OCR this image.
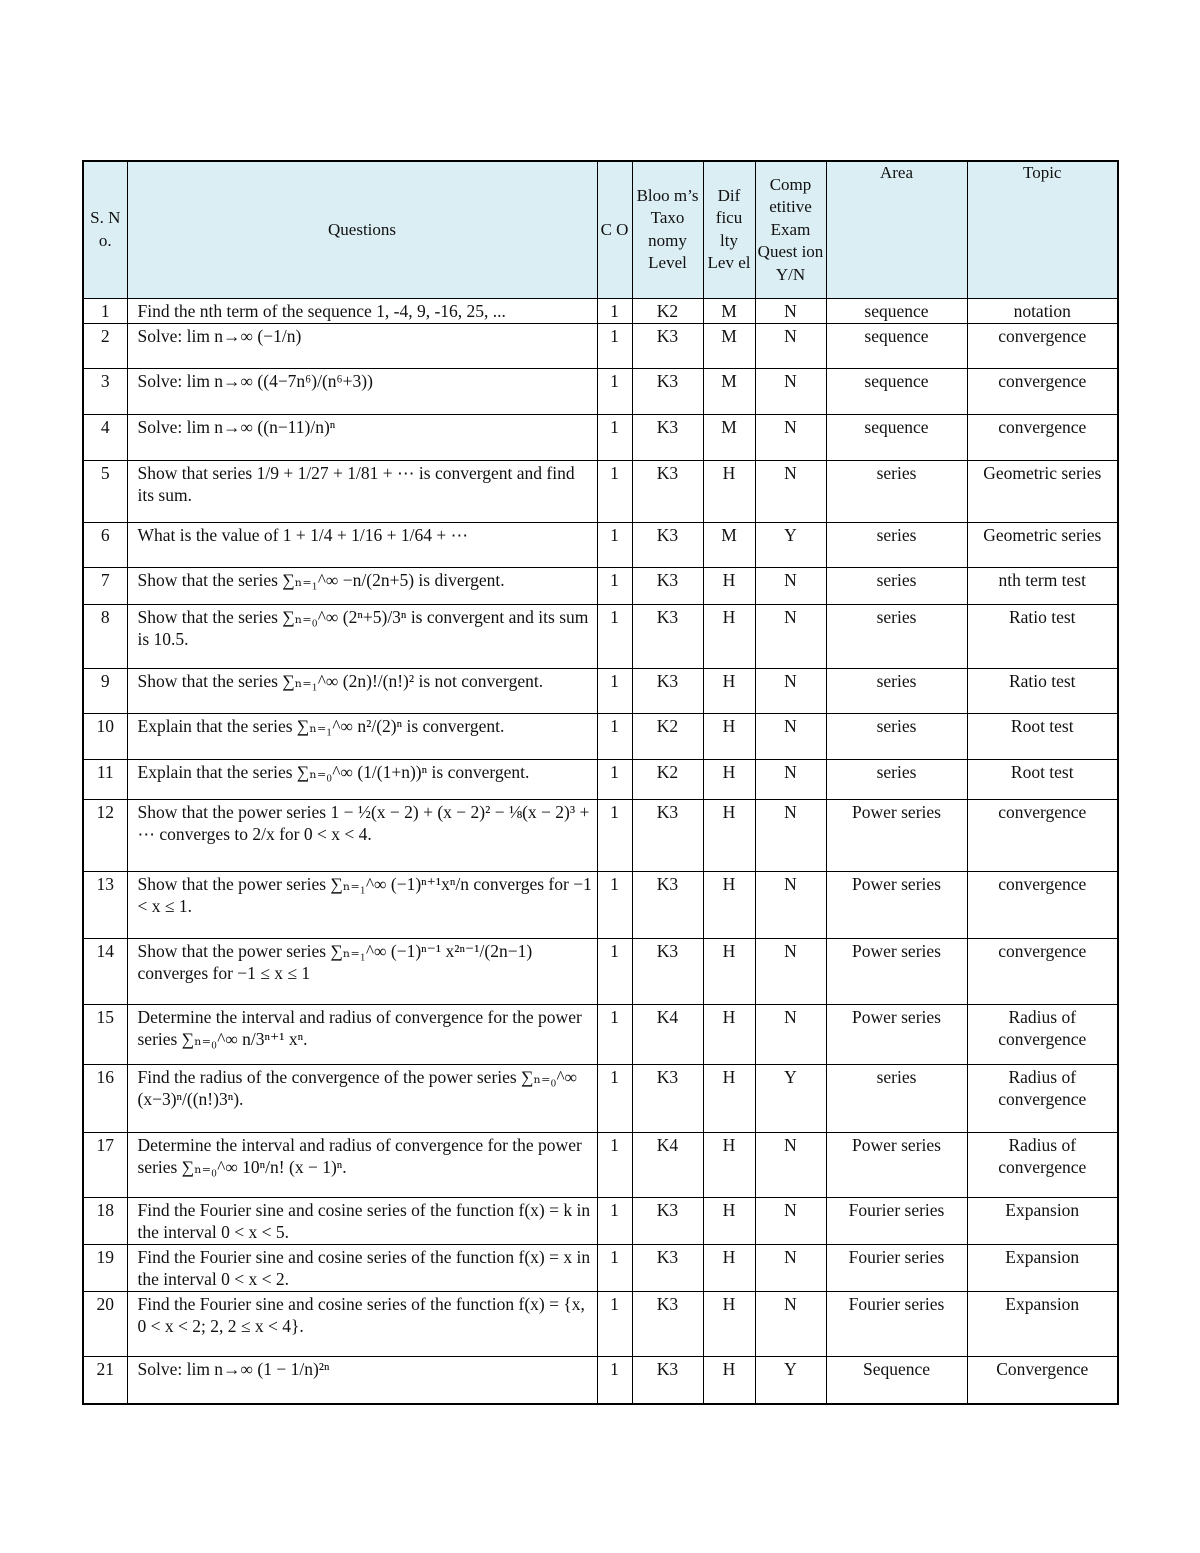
S. N o.	Questions	C O	Bloo m’s Taxo nomy Level	Dif ficu lty Lev el	Comp etitive Exam Quest ion Y/N	Area	Topic
1	Find the nth term of the sequence 1, -4, 9, -16, 25, ...	1	K2	M	N	sequence	notation
2	Solve: lim n→∞ (−1/n)	1	K3	M	N	sequence	convergence
3	Solve: lim n→∞ ((4−7n⁶)/(n⁶+3))	1	K3	M	N	sequence	convergence
4	Solve: lim n→∞ ((n−11)/n)ⁿ	1	K3	M	N	sequence	convergence
5	Show that series 1/9 + 1/27 + 1/81 + ⋯ is convergent and find its sum.	1	K3	H	N	series	Geometric series
6	What is the value of 1 + 1/4 + 1/16 + 1/64 + ⋯	1	K3	M	Y	series	Geometric series
7	Show that the series ∑ₙ₌₁^∞ −n/(2n+5) is divergent.	1	K3	H	N	series	nth term test
8	Show that the series ∑ₙ₌₀^∞ (2ⁿ+5)/3ⁿ is convergent and its sum is 10.5.	1	K3	H	N	series	Ratio test
9	Show that the series ∑ₙ₌₁^∞ (2n)!/(n!)² is not convergent.	1	K3	H	N	series	Ratio test
10	Explain that the series ∑ₙ₌₁^∞ n²/(2)ⁿ is convergent.	1	K2	H	N	series	Root test
11	Explain that the series ∑ₙ₌₀^∞ (1/(1+n))ⁿ is convergent.	1	K2	H	N	series	Root test
12	Show that the power series 1 − ½(x − 2) + (x − 2)² − ⅛(x − 2)³ + ⋯ converges to 2/x for 0 < x < 4.	1	K3	H	N	Power series	convergence
13	Show that the power series ∑ₙ₌₁^∞ (−1)ⁿ⁺¹xⁿ/n converges for −1 < x ≤ 1.	1	K3	H	N	Power series	convergence
14	Show that the power series ∑ₙ₌₁^∞ (−1)ⁿ⁻¹ x²ⁿ⁻¹/(2n−1) converges for −1 ≤ x ≤ 1	1	K3	H	N	Power series	convergence
15	Determine the interval and radius of convergence for the power series ∑ₙ₌₀^∞ n/3ⁿ⁺¹ xⁿ.	1	K4	H	N	Power series	Radius of convergence
16	Find the radius of the convergence of the power series ∑ₙ₌₀^∞ (x−3)ⁿ/((n!)3ⁿ).	1	K3	H	Y	series	Radius of convergence
17	Determine the interval and radius of convergence for the power series ∑ₙ₌₀^∞ 10ⁿ/n! (x − 1)ⁿ.	1	K4	H	N	Power series	Radius of convergence
18	Find the Fourier sine and cosine series of the function f(x) = k in the interval 0 < x < 5.	1	K3	H	N	Fourier series	Expansion
19	Find the Fourier sine and cosine series of the function f(x) = x in the interval 0 < x < 2.	1	K3	H	N	Fourier series	Expansion
20	Find the Fourier sine and cosine series of the function f(x) = {x, 0 < x < 2; 2, 2 ≤ x < 4}.	1	K3	H	N	Fourier series	Expansion
21	Solve: lim n→∞ (1 − 1/n)²ⁿ	1	K3	H	Y	Sequence	Convergence
